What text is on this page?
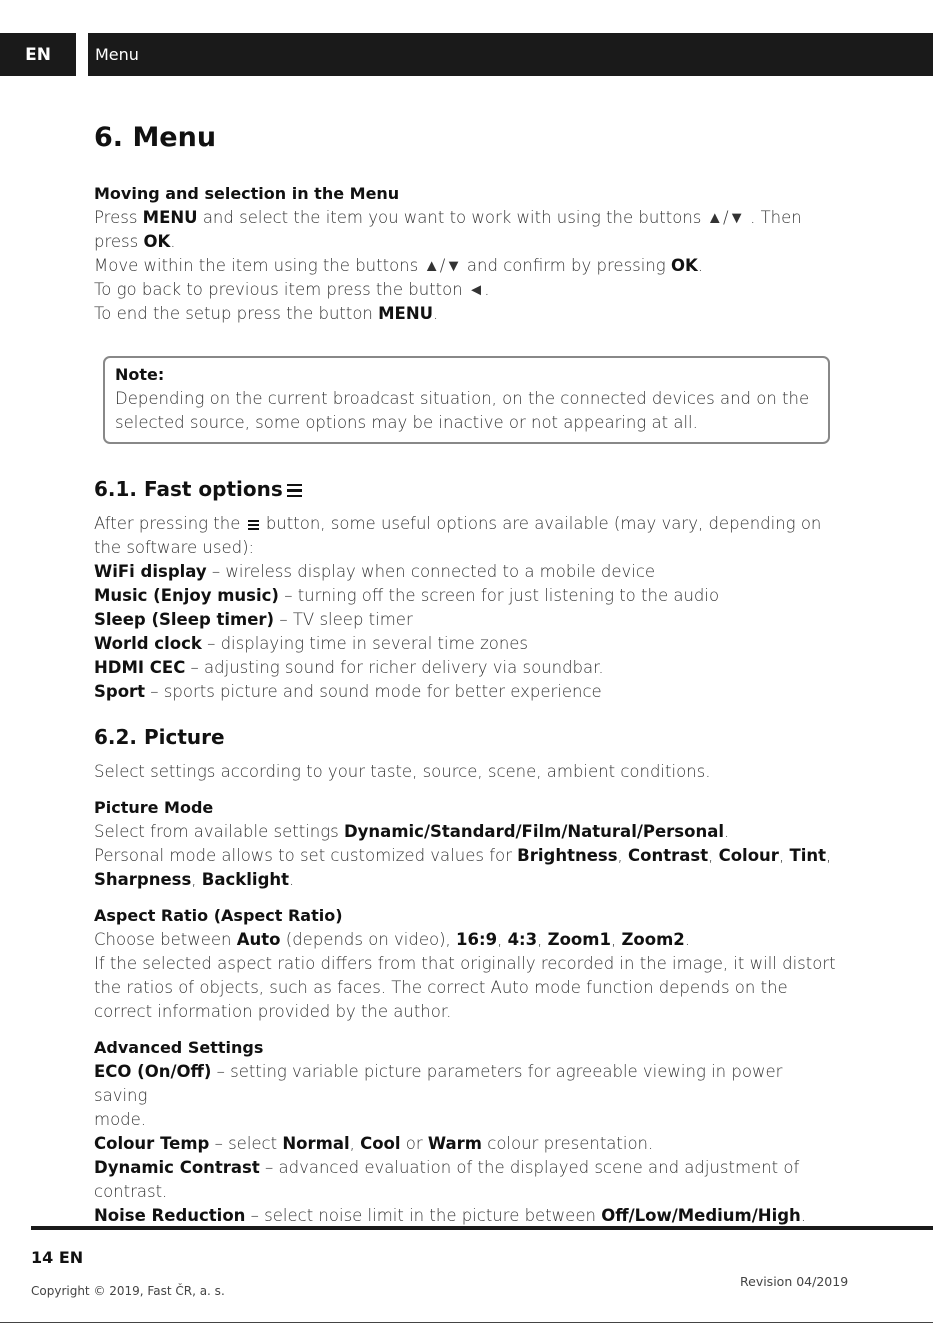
EN	Menu
6. Menu
Moving and selection in the Menu

Press MENU and select the item you want to work with using the buttons ▲/▼ . Then

press OK.

Move within the item using the buttons ▲/▼ and confirm by pressing OK.

To go back to previous item press the button ◄.

To end the setup press the button MENU.

Note:

Depending on the current broadcast situation, on the connected devices and on the

selected source, some options may be inactive or not appearing at all.

6.1. Fast options

After pressing the
button, some useful options are available (may vary, depending on

the software used):

WiFi display – wireless display when connected to a mobile device

Music (Enjoy music) – turning off the screen for just listening to the audio

Sleep (Sleep timer) – TV sleep timer

World clock – displaying time in several time zones

HDMI CEC – adjusting sound for richer delivery via soundbar.

Sport – sports picture and sound mode for better experience

6.2. Picture

Select settings according to your taste, source, scene, ambient conditions.

Picture Mode

Select from available settings Dynamic/Standard/Film/Natural/Personal.

Personal mode allows to set customized values for Brightness, Contrast, Colour, Tint,

Sharpness, Backlight.

Aspect Ratio (Aspect Ratio)

Choose between Auto (depends on video), 16:9, 4:3, Zoom1, Zoom2.

If the selected aspect ratio differs from that originally recorded in the image, it will distort

the ratios of objects, such as faces. The correct Auto mode function depends on the

correct information provided by the author.

Advanced Settings

ECO (On/Off) – setting variable picture parameters for agreeable viewing in power saving

mode.

Colour Temp – select Normal, Cool or Warm colour presentation.

Dynamic Contrast – advanced evaluation of the displayed scene and adjustment of

contrast.

Noise Reduction – select noise limit in the picture between Off/Low/Medium/High.

14 EN
Copyright © 2019, Fast ČR, a. s.
Revision 04/2019
